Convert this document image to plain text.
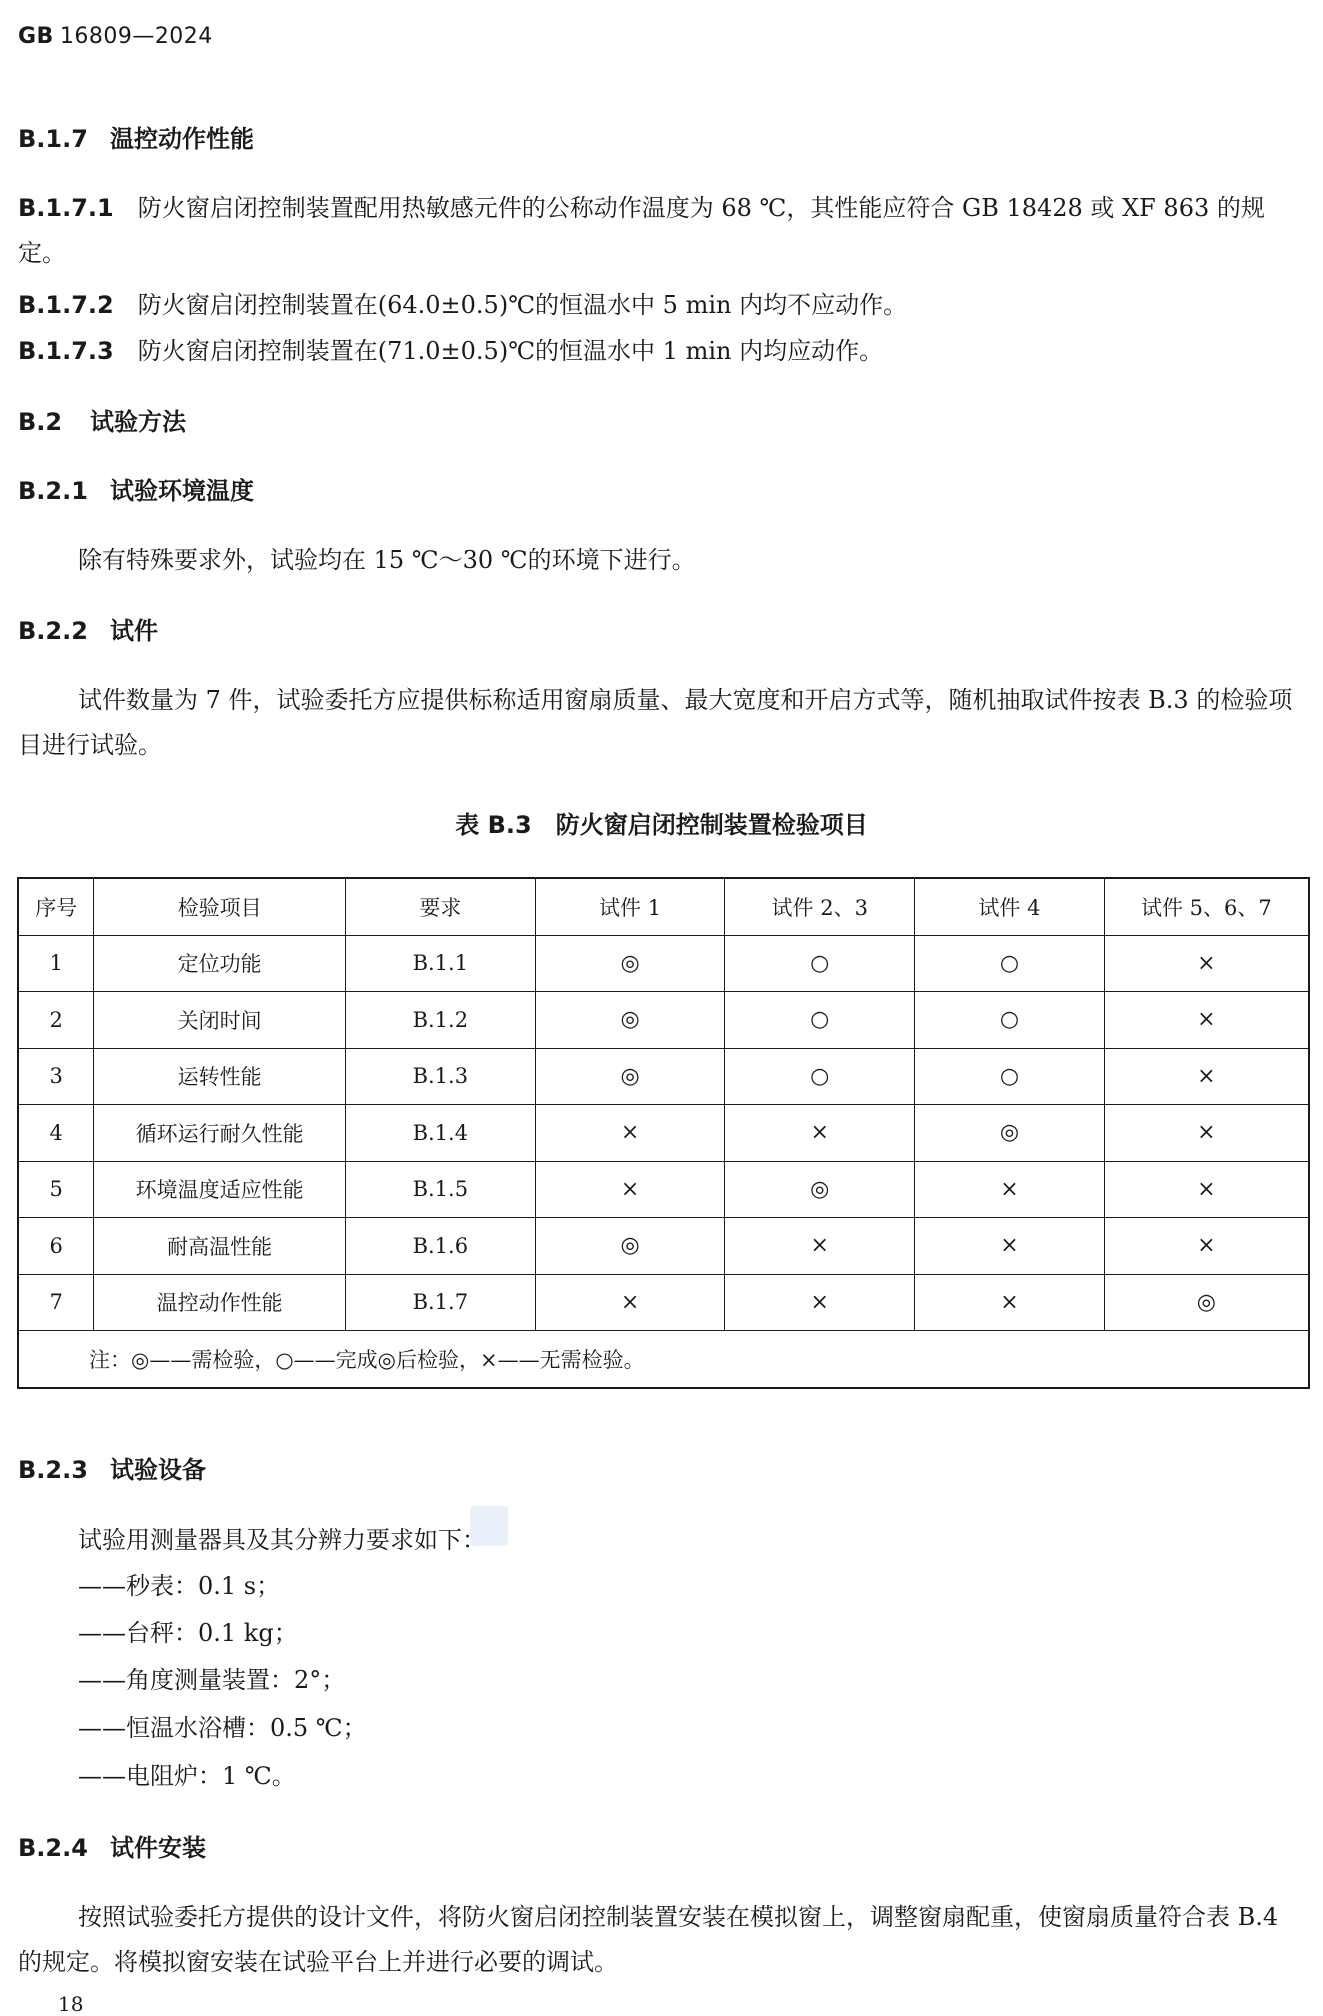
GB 16809—2024
B.1.7 温控动作性能
B.1.7.1　 防火窗启闭控制装置配用热敏感元件的公称动作温度为 68 ℃，其性能应符合 GB 18428 或 XF 863 的规定。
B.1.7.2　 防火窗启闭控制装置在(64.0±0.5)℃的恒温水中 5 min 内均不应动作。
B.1.7.3　 防火窗启闭控制装置在(71.0±0.5)℃的恒温水中 1 min 内均应动作。
B.2 试验方法
B.2.1 试验环境温度
除有特殊要求外，试验均在 15 ℃～30 ℃的环境下进行。
B.2.2 试件
试件数量为 7 件，试验委托方应提供标称适用窗扇质量、最大宽度和开启方式等，随机抽取试件按表 B.3 的检验项目进行试验。
表 B.3　防火窗启闭控制装置检验项目
序号	检验项目	要求	试件 1	试件 2、3	试件 4	试件 5、6、7
1	定位功能	B.1.1	◎	○	○	×
2	关闭时间	B.1.2	◎	○	○	×
3	运转性能	B.1.3	◎	○	○	×
4	循环运行耐久性能	B.1.4	×	×	◎	×
5	环境温度适应性能	B.1.5	×	◎	×	×
6	耐高温性能	B.1.6	◎	×	×	×
7	温控动作性能	B.1.7	×	×	×	◎
注：◎——需检验，○——完成◎后检验，×——无需检验。						
B.2.3 试验设备
试验用测量器具及其分辨力要求如下：
——秒表：0.1 s；
——台秤：0.1 kg；
——角度测量装置：2°；
——恒温水浴槽：0.5 ℃；
——电阻炉：1 ℃。
B.2.4 试件安装
按照试验委托方提供的设计文件，将防火窗启闭控制装置安装在模拟窗上，调整窗扇配重，使窗扇质量符合表 B.4 的规定。将模拟窗安装在试验平台上并进行必要的调试。
18
